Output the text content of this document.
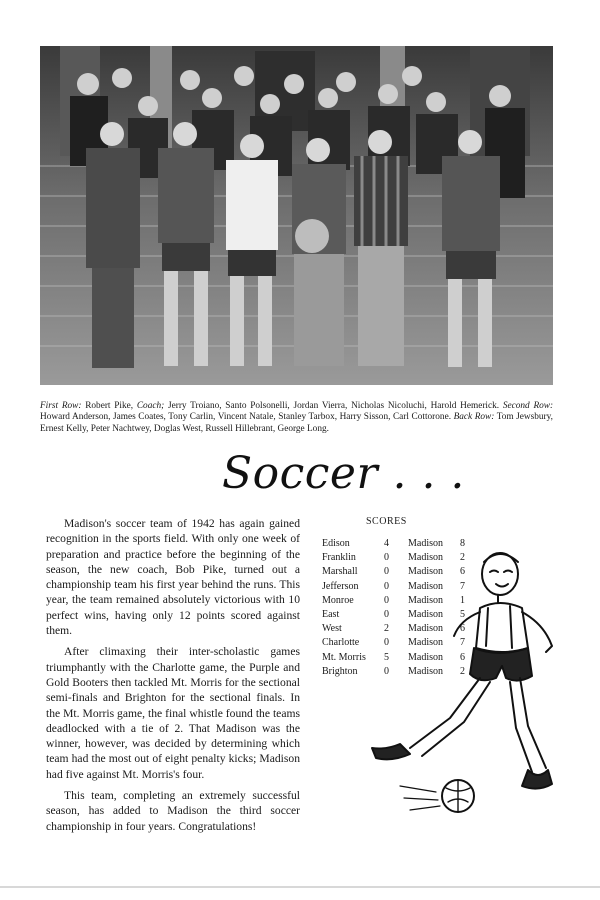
First Row: Robert Pike, Coach; Jerry Troiano, Santo Polsonelli, Jordan Vierra, Nicholas Nicoluchi, Harold Hemerick. Second Row: Howard Anderson, James Coates, Tony Carlin, Vincent Natale, Stanley Tarbox, Harry Sisson, Carl Cottorone. Back Row: Tom Jewsbury, Ernest Kelly, Peter Nachtwey, Doglas West, Russell Hillebrant, George Long.
Soccer . . .

Madison's soccer team of 1942 has again gained recognition in the sports field. With only one week of preparation and practice before the beginning of the season, the new coach, Bob Pike, turned out a championship team his first year behind the runs. This year, the team remained absolutely victorious with 10 perfect wins, having only 12 points scored against them.

After climaxing their inter-scholastic games triumphantly with the Charlotte game, the Purple and Gold Booters then tackled Mt. Morris for the sectional semi-finals and Brighton for the sectional finals. In the Mt. Morris game, the final whistle found the teams deadlocked with a tie of 2. That Madison was the winner, however, was decided by determining which team had the most out of eight penalty kicks; Madison had five against Mt. Morris's four.

This team, completing an extremely successful season, has added to Madison the third soccer championship in four years. Congratulations!

SCORES
Edison	4	Madison	8
Franklin	0	Madison	2
Marshall	0	Madison	6
Jefferson	0	Madison	7
Monroe	0	Madison	1
East	0	Madison	5
West	2	Madison	6
Charlotte	0	Madison	7
Mt. Morris	5	Madison	6
Brighton	0	Madison	2
